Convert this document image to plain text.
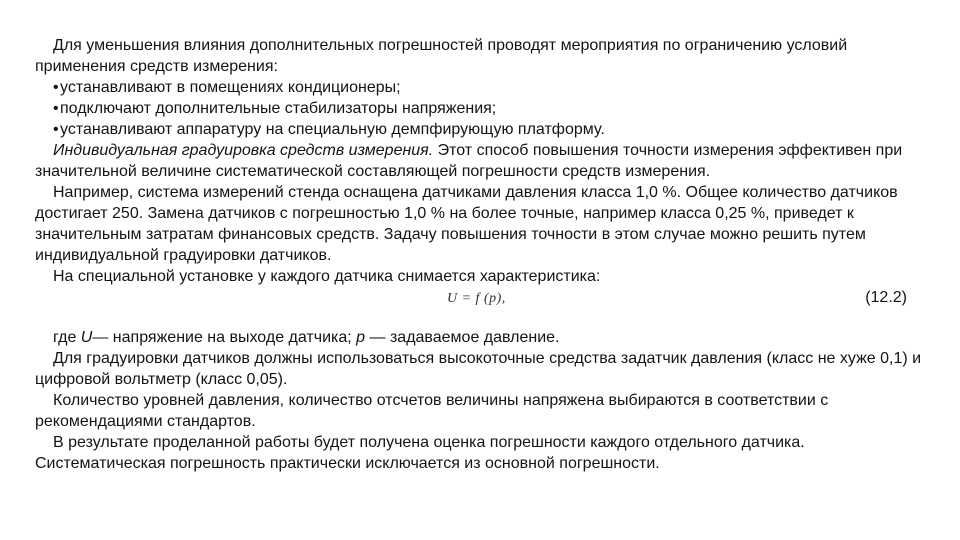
Для уменьшения влияния дополнительных погрешностей проводят мероприятия по ограничению условий применения средств измерения:

•устанавливают в помещениях кондиционеры;

•подключают дополнительные стабилизаторы напряжения;

•устанавливают аппаратуру на специальную демпфирующую платформу.

Индивидуальная градуировка средств измерения. Этот способ повышения точности измерения эффективен при значительной величине систематической составляющей погрешности средств измерения.

Например, система измерений стенда оснащена датчиками давления класса 1,0 %. Общее количество датчиков достигает 250. Замена датчиков с погрешностью 1,0 % на более точные, например класса 0,25 %, приведет к значительным затратам финансовых средств. Задачу повышения точности в этом случае можно решить путем индивидуальной градуировки датчиков.

На специальной установке у каждого датчика снимается характеристика:

U = f (p),	(12.2)

где U— напряжение на выходе датчика; p — задаваемое давление.

Для градуировки датчиков должны использоваться высокоточные средства задатчик давления (класс не хуже 0,1) и цифровой вольтметр (класс 0,05).

Количество уровней давления, количество отсчетов величины напряжена выбираются в соответствии с рекомендациями стандартов.

В результате проделанной работы будет получена оценка погрешности каждого отдельного датчика. Систематическая погрешность практически исключается из основной погрешности.
